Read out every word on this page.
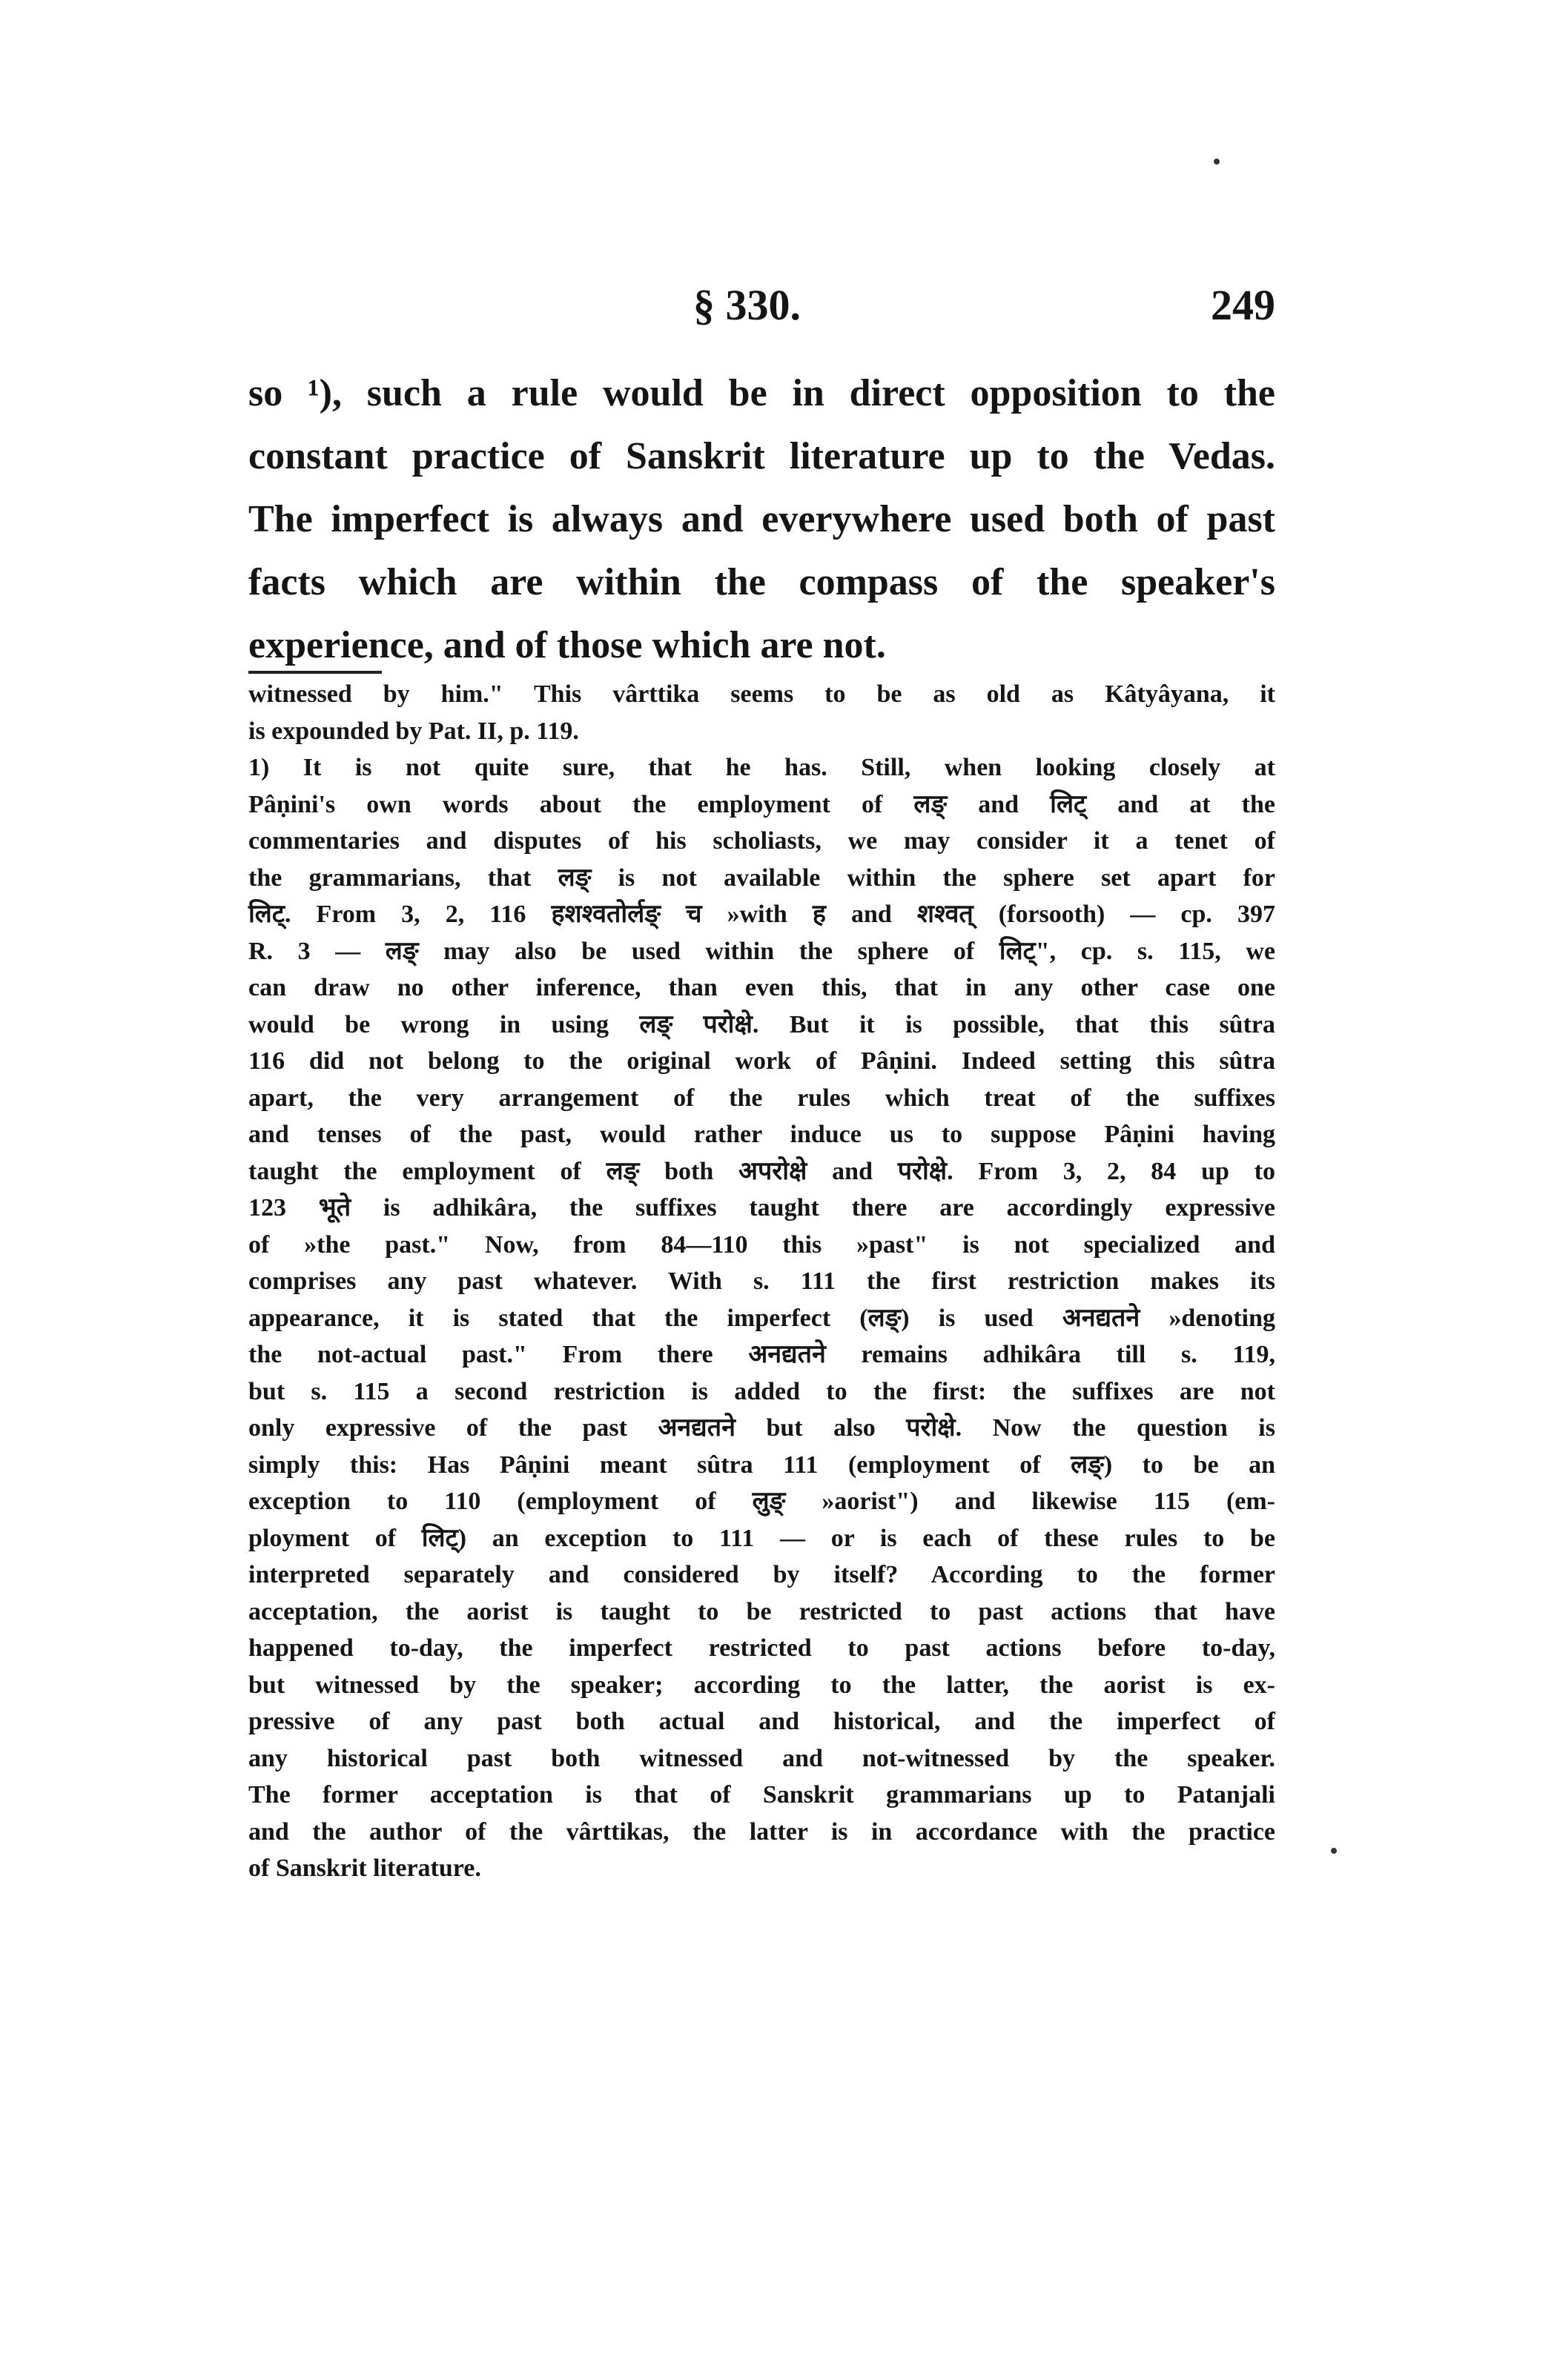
§ 330.	249
so ¹), such a rule would be in direct opposition to the
constant practice of Sanskrit literature up to the Vedas.
The imperfect is always and everywhere used both of past
facts which are within the compass of the speaker's
experience, and of those which are not.
witnessed by him." This vârttika seems to be as old as Kâtyâyana, it
is expounded by Pat. II, p. 119.
1) It is not quite sure, that he has. Still, when looking closely at
Pâṇini's own words about the employment of लङ् and लिट् and at the
commentaries and disputes of his scholiasts, we may consider it a tenet of
the grammarians, that लङ् is not available within the sphere set apart for
लिट्. From 3, 2, 116 हशश्वतोर्लङ् च »with ह and शश्वत् (forsooth) — cp. 397
R. 3 — लङ् may also be used within the sphere of लिट्", cp. s. 115, we
can draw no other inference, than even this, that in any other case one
would be wrong in using लङ् परोक्षे. But it is possible, that this sûtra
116 did not belong to the original work of Pâṇini. Indeed setting this sûtra
apart, the very arrangement of the rules which treat of the suffixes
and tenses of the past, would rather induce us to suppose Pâṇini having
taught the employment of लङ् both अपरोक्षे and परोक्षे. From 3, 2, 84 up to
123 भूते is adhikâra, the suffixes taught there are accordingly expressive
of »the past." Now, from 84—110 this »past" is not specialized and
comprises any past whatever. With s. 111 the first restriction makes its
appearance, it is stated that the imperfect (लङ्) is used अनद्यतने »denoting
the not-actual past." From there अनद्यतने remains adhikâra till s. 119,
but s. 115 a second restriction is added to the first: the suffixes are not
only expressive of the past अनद्यतने but also परोक्षे. Now the question is
simply this: Has Pâṇini meant sûtra 111 (employment of लङ्) to be an
exception to 110 (employment of लुङ् »aorist") and likewise 115 (em-
ployment of लिट्) an exception to 111 — or is each of these rules to be
interpreted separately and considered by itself? According to the former
acceptation, the aorist is taught to be restricted to past actions that have
happened to-day, the imperfect restricted to past actions before to-day,
but witnessed by the speaker; according to the latter, the aorist is ex-
pressive of any past both actual and historical, and the imperfect of
any historical past both witnessed and not-witnessed by the speaker.
The former acceptation is that of Sanskrit grammarians up to Patanjali
and the author of the vârttikas, the latter is in accordance with the practice
of Sanskrit literature.
